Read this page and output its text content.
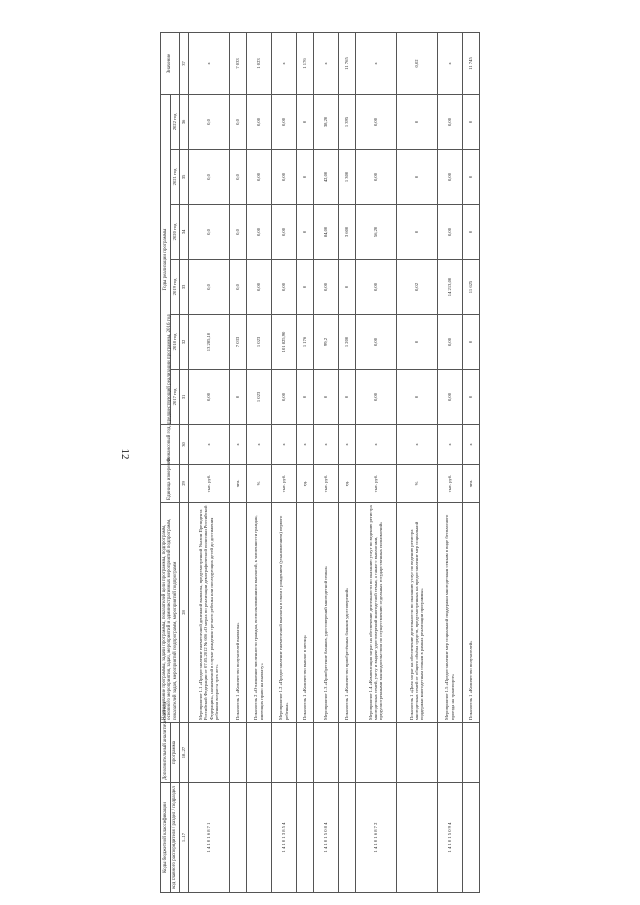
12
Коды бюджетной классификации	Дополнительный аналитический код	Наименование программы, задачи программы, показателей цели программы, подпрограмм, основного мероприятия, задач, мероприятий и административных мероприятий подпрограмм, показателей задач, мероприятий подпрограмм, мероприятий подпрограмм	Единица измерения	Финансовый год, предшествующий реализации программы, 2016 год	Годы реализации программы						Значение
код главного распорядителя / раздел / подраздел	программа				2017 год	2018 год	2019 год	2020 год	2021 год	2022 год	
1–17	18–27	28	29	30	31	32	33	34	35	36	37
1 4 1 0 1 6 8 7 1		Мероприятие 1.1 «Предоставление ежемесячной денежной выплаты, предусмотренной Указом Президента Российской Федерации от 07.05.2012 № 606 «О мерах по реализации демографической политики Российской Федерации», назначаемой в случае рождения третьего ребенка или последующих детей до достижения ребенком возраста трех лет»	тыс. руб.	х	0,00	13 285,10	0,0	0,0	0,0	0,0	х
		Показатель 1 «Количество получателей выплаты»	чел.	х	0	7 033	0,0	0,0	0,0	0,0	7 033
		Показатель 2 «Отношение численности граждан, воспользовавшихся выплатой, к численности граждан, имеющих право на выплату»	%	х	1 023	1 023	0,00	0,00	0,00	0,00	1 023
1 4 1 0 1 3 8 5 4		Мероприятие 1.2 «Предоставление ежемесячной выплаты в связи с рождением (усыновлением) первого ребенка»	тыс. руб.	х	0,00	101 825,90	0,00	0,00	0,00	0,00	х
		Показатель 1 «Количество выплат в месяц»	ед.	х	0	1 176	0	0	0	0	1 176
1 4 1 0 1 5 0 8 4		Мероприятие 1.3 «Приобретение бланков, удостоверений многодетной семьи»	тыс. руб.	х	0	99,2	0,00	84,00	42,00	38,20	х
		Показатель 1 «Количество приобретённых бланков удостоверений»	ед.	х	0	1 200	0	3 600	1 300	1 395	11 765
1 4 1 0 1 6 8 7 2		Мероприятие 1.4 «Компенсация затрат на обеспечение деятельности по оказанию услуг по ведению регистра многодетных семей, учету и выдаче удостоверений многодетной семьи, а также с выплатами, предусмотренными законодательством по осуществлению отдельных государственных полномочий»	тыс. руб.	х	0,00	0,00	0,00	56,20	0,00	0,00	х
		Показатель 1 «Доля затрат на обеспечение деятельности по оказанию услуг по ведению регистра многодетных семей от общего объёма средств, предусмотренных на предоставление мер социальной поддержки многодетным семьям в рамках реализации программы»	%	х	0	0	0,02	0	0	0	0,02
1 4 1 0 1 5 0 9 4		Мероприятие 1.5 «Предоставление мер социальной поддержки многодетным семьям в виде бесплатного проезда на транспорте»	тыс. руб.	х	0,00	0,00	14 213,00	0,00	0,00	0,00	х
		Показатель 1 «Количество получателей»	чел.	х	0	0	11 625	0	0	0	11 745
